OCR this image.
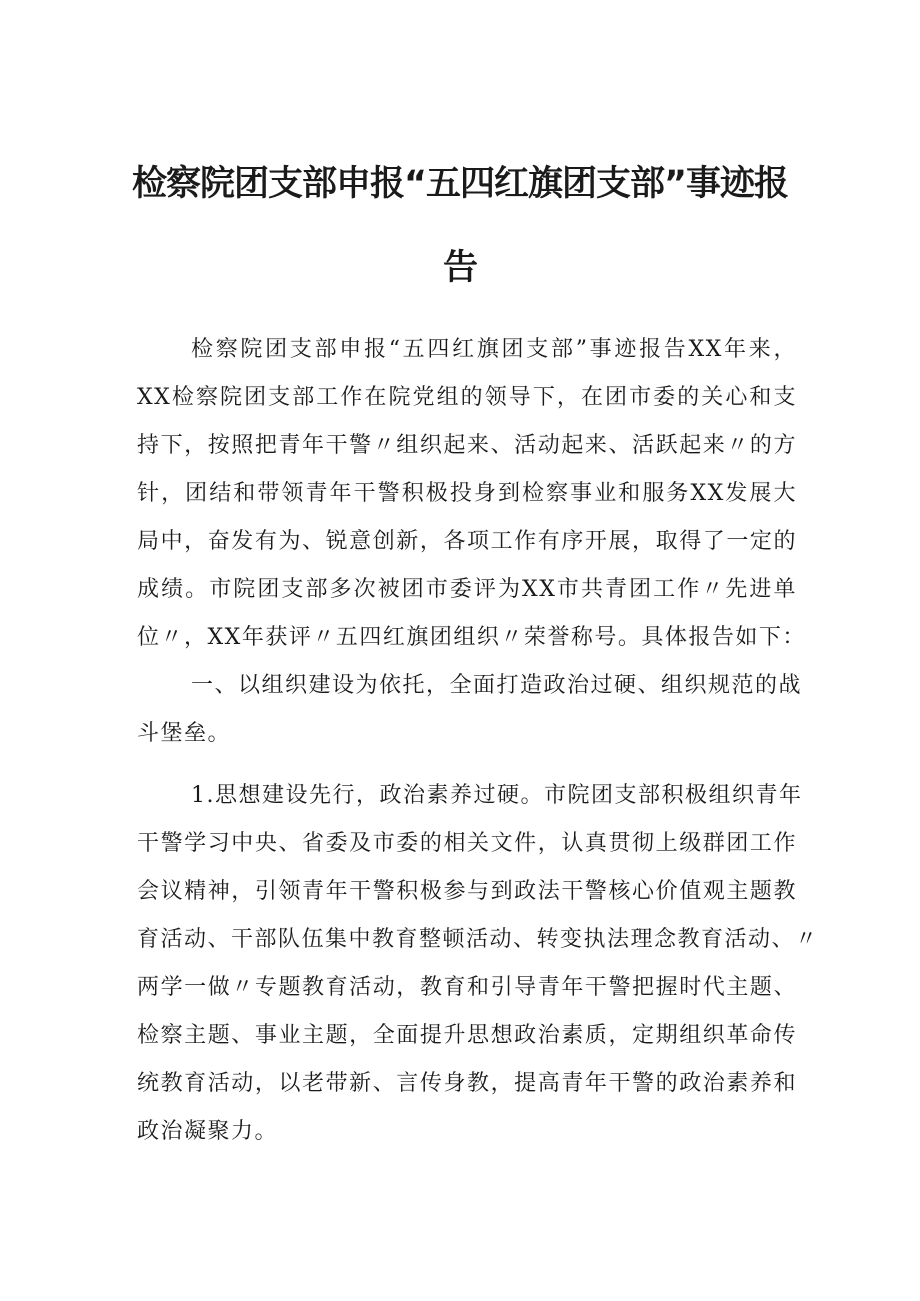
检察院团支部申报“五四红旗团支部”事迹报
告
检察院团支部申报“五四红旗团支部”事迹报告XX年来，
XX检察院团支部工作在院党组的领导下，在团市委的关心和支
持下，按照把青年干警〃组织起来、活动起来、活跃起来〃的方
针，团结和带领青年干警积极投身到检察事业和服务XX发展大
局中，奋发有为、锐意创新，各项工作有序开展，取得了一定的
成绩。市院团支部多次被团市委评为XX市共青团工作〃先进单
位〃，XX年获评〃五四红旗团组织〃荣誉称号。具体报告如下：
一、以组织建设为依托，全面打造政治过硬、组织规范的战
斗堡垒。
1.思想建设先行，政治素养过硬。市院团支部积极组织青年
干警学习中央、省委及市委的相关文件，认真贯彻上级群团工作
会议精神，引领青年干警积极参与到政法干警核心价值观主题教
育活动、干部队伍集中教育整顿活动、转变执法理念教育活动、〃
两学一做〃专题教育活动，教育和引导青年干警把握时代主题、
检察主题、事业主题，全面提升思想政治素质，定期组织革命传
统教育活动，以老带新、言传身教，提高青年干警的政治素养和
政治凝聚力。
